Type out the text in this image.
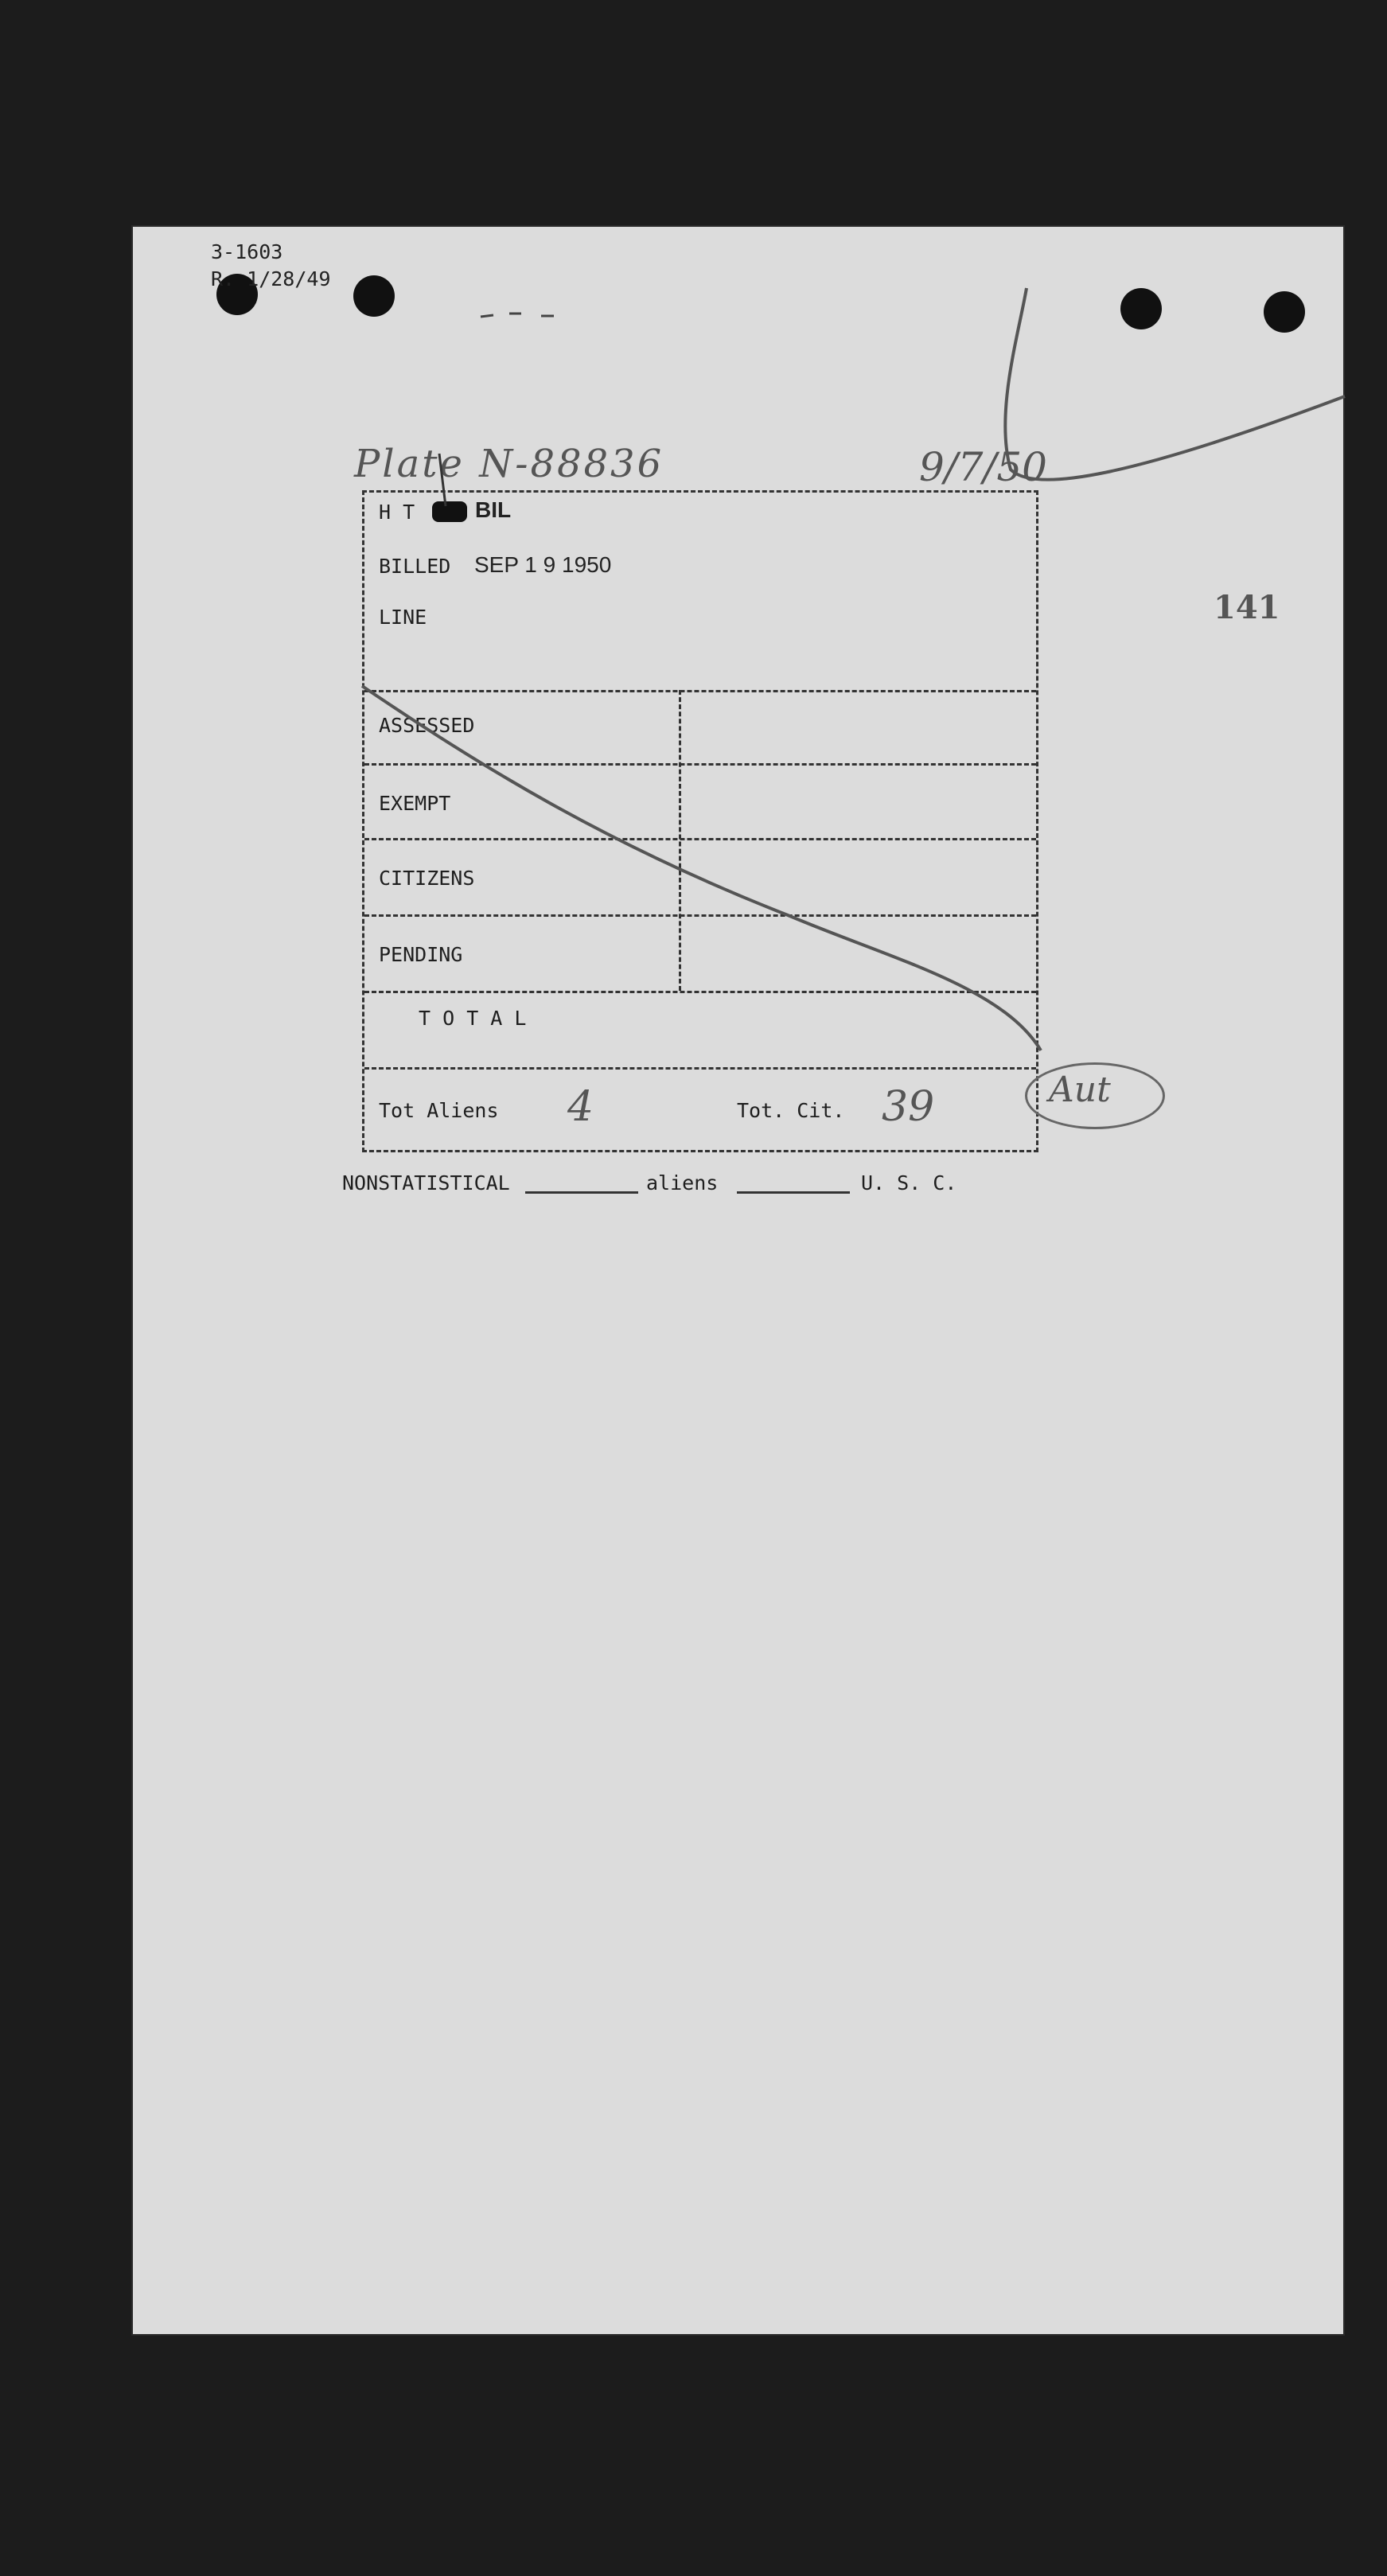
3-1603
R. 1/28/49
Plate N-88836	9/7/50
141
H T	BIL
BILLED SEP 1 9 1950
LINE
ASSESSED
EXEMPT
CITIZENS
PENDING
T O T A L
Tot Aliens 4	Tot. Cit. 39	Aut
NONSTATISTICAL	aliens	U. S. C.
